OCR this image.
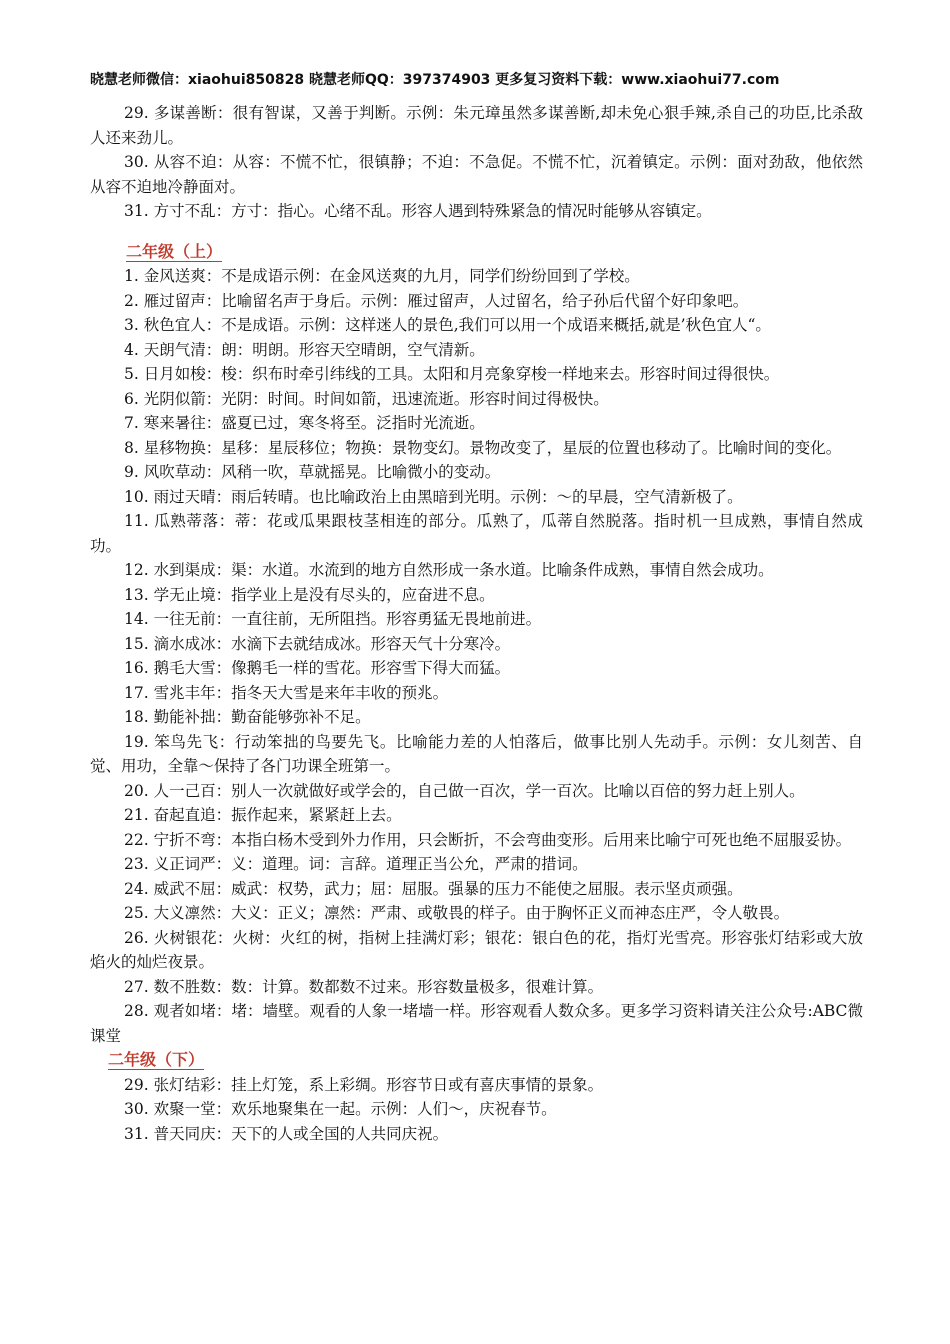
晓慧老师微信：xiaohui850828 晓慧老师QQ：397374903 更多复习资料下载：www.xiaohui77.com
29. 多谋善断：很有智谋，又善于判断。示例：朱元璋虽然多谋善断,却未免心狠手辣,杀自己的功臣,比杀敌人还来劲儿。
30. 从容不迫：从容：不慌不忙，很镇静；不迫：不急促。不慌不忙，沉着镇定。示例：面对劲敌，他依然从容不迫地冷静面对。
31. 方寸不乱：方寸：指心。心绪不乱。形容人遇到特殊紧急的情况时能够从容镇定。
二年级（上）
1. 金风送爽：不是成语示例：在金风送爽的九月，同学们纷纷回到了学校。
2. 雁过留声：比喻留名声于身后。示例：雁过留声，人过留名，给子孙后代留个好印象吧。
3. 秋色宜人：不是成语。示例：这样迷人的景色,我们可以用一个成语来概括,就是’秋色宜人“。
4. 天朗气清：朗：明朗。形容天空晴朗，空气清新。
5. 日月如梭：梭：织布时牵引纬线的工具。太阳和月亮象穿梭一样地来去。形容时间过得很快。
6. 光阴似箭：光阴：时间。时间如箭，迅速流逝。形容时间过得极快。
7. 寒来暑往：盛夏已过，寒冬将至。泛指时光流逝。
8. 星移物换：星移：星辰移位；物换：景物变幻。景物改变了，星辰的位置也移动了。比喻时间的变化。
9. 风吹草动：风稍一吹，草就摇晃。比喻微小的变动。
10. 雨过天晴：雨后转晴。也比喻政治上由黑暗到光明。示例：～的早晨，空气清新极了。
11. 瓜熟蒂落：蒂：花或瓜果跟枝茎相连的部分。瓜熟了，瓜蒂自然脱落。指时机一旦成熟，事情自然成功。
12. 水到渠成：渠：水道。水流到的地方自然形成一条水道。比喻条件成熟，事情自然会成功。
13. 学无止境：指学业上是没有尽头的，应奋进不息。
14. 一往无前：一直往前，无所阻挡。形容勇猛无畏地前进。
15. 滴水成冰：水滴下去就结成冰。形容天气十分寒冷。
16. 鹅毛大雪：像鹅毛一样的雪花。形容雪下得大而猛。
17. 雪兆丰年：指冬天大雪是来年丰收的预兆。
18. 勤能补拙：勤奋能够弥补不足。
19. 笨鸟先飞：行动笨拙的鸟要先飞。比喻能力差的人怕落后，做事比别人先动手。示例：女儿刻苦、自觉、用功，全靠～保持了各门功课全班第一。
20. 人一己百：别人一次就做好或学会的，自己做一百次，学一百次。比喻以百倍的努力赶上别人。
21. 奋起直追：振作起来，紧紧赶上去。
22. 宁折不弯：本指白杨木受到外力作用，只会断折，不会弯曲变形。后用来比喻宁可死也绝不屈服妥协。
23. 义正词严：义：道理。词：言辞。道理正当公允，严肃的措词。
24. 威武不屈：威武：权势，武力；屈：屈服。强暴的压力不能使之屈服。表示坚贞顽强。
25. 大义凛然：大义：正义；凛然：严肃、或敬畏的样子。由于胸怀正义而神态庄严，令人敬畏。
26. 火树银花：火树：火红的树，指树上挂满灯彩；银花：银白色的花，指灯光雪亮。形容张灯结彩或大放焰火的灿烂夜景。
27. 数不胜数：数：计算。数都数不过来。形容数量极多，很难计算。
28. 观者如堵：堵：墙壁。观看的人象一堵墙一样。形容观看人数众多。更多学习资料请关注公众号:ABC微课堂
二年级（下）
29. 张灯结彩：挂上灯笼，系上彩绸。形容节日或有喜庆事情的景象。
30. 欢聚一堂：欢乐地聚集在一起。示例：人们～，庆祝春节。
31. 普天同庆：天下的人或全国的人共同庆祝。
